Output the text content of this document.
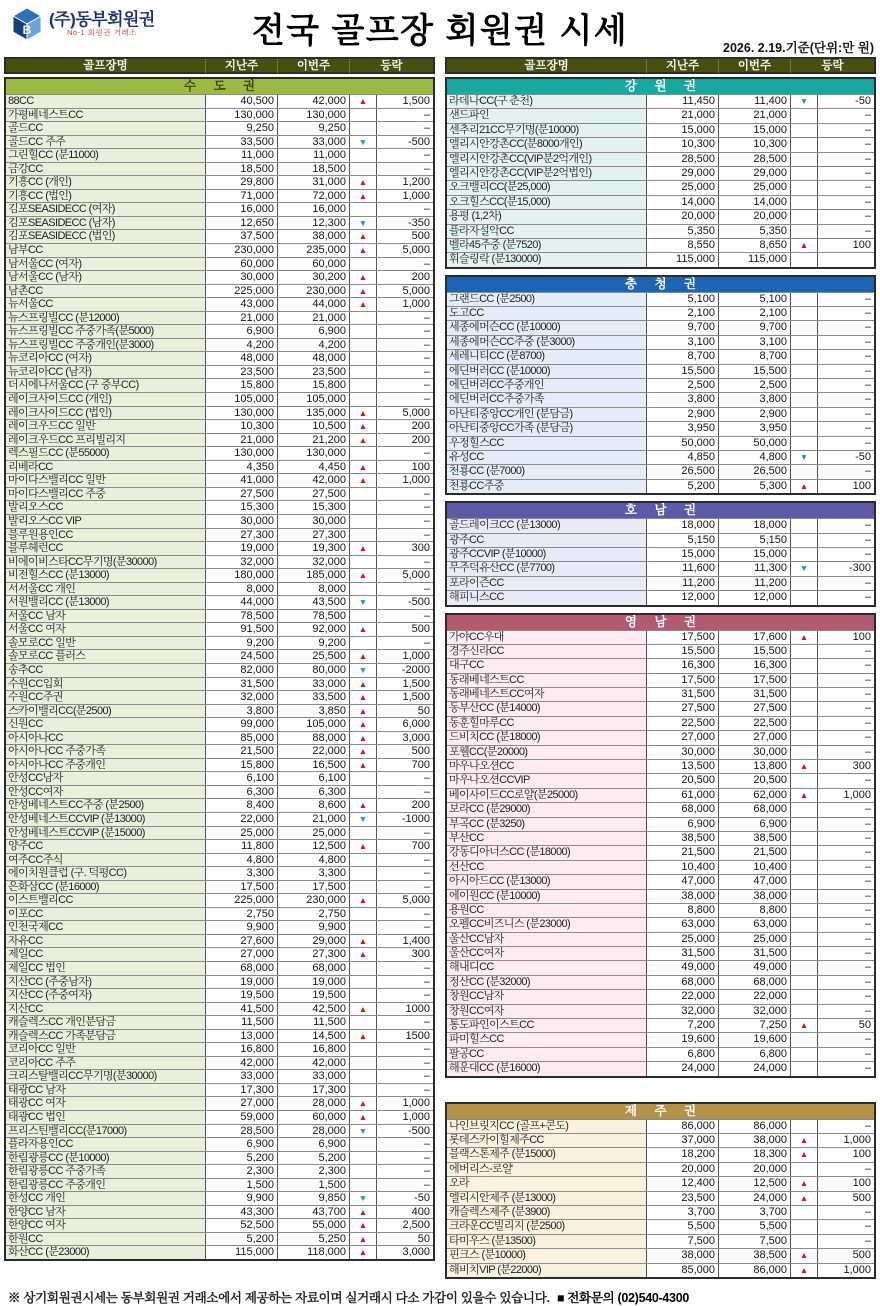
B
(주)동부회원권
No-1 회원권 거래소	전국 골프장 회원권 시세	2026. 2.19.기준(단위:만 원)
골프장명	지난주	이번주	등락
수 도 권
88CC	40,500	42,000	▲	1,500
가평베네스트CC	130,000	130,000	–
골드CC	9,250	9,250	–
골드CC 주주	33,500	33,000	▼	-500
그린힐CC (분11000)	11,000	11,000	–
금강CC	18,500	18,500	–
기흥CC (개인)	29,800	31,000	▲	1,200
기흥CC (법인)	71,000	72,000	▲	1,000
김포SEASIDECC (여자)	16,000	16,000	–
김포SEASIDECC (남자)	12,650	12,300	▼	-350
김포SEASIDECC (법인)	37,500	38,000	▲	500
남부CC	230,000	235,000	▲	5,000
남서울CC (여자)	60,000	60,000	–
남서울CC (남자)	30,000	30,200	▲	200
남촌CC	225,000	230,000	▲	5,000
뉴서울CC	43,000	44,000	▲	1,000
뉴스프링빌CC (분12000)	21,000	21,000	–
뉴스프링빌CC 주중가족(분5000)	6,900	6,900	–
뉴스프링빌CC 주중개인(분3000)	4,200	4,200	–
뉴코리아CC (여자)	48,000	48,000	–
뉴코리아CC (남자)	23,500	23,500	–
더시에나서울CC (구 중부CC)	15,800	15,800	–
레이크사이드CC (개인)	105,000	105,000	–
레이크사이드CC (법인)	130,000	135,000	▲	5,000
레이크우드CC 일반	10,300	10,500	▲	200
레이크우드CC 프리빌리지	21,000	21,200	▲	200
렉스필드CC (분55000)	130,000	130,000	–
리베라CC	4,350	4,450	▲	100
마이다스밸리CC 일반	41,000	42,000	▲	1,000
마이다스밸리CC 주중	27,500	27,500	–
발리오스CC	15,300	15,300	–
발리오스CC VIP	30,000	30,000	–
블루원용인CC	27,300	27,300	–
블루헤런CC	19,000	19,300	▲	300
비에이비스타CC무기명(분30000)	32,000	32,000	–
비전힐스CC (분13000)	180,000	185,000	▲	5,000
서서울CC 개인	8,000	8,000	–
서원밸리CC (분13000)	44,000	43,500	▼	-500
서울CC 남자	78,500	78,500	–
서울CC 여자	91,500	92,000	▲	500
솔모로CC 일반	9,200	9,200	–
솔모로CC 플러스	24,500	25,500	▲	1,000
송추CC	82,000	80,000	▼	-2000
수원CC입회	31,500	33,000	▲	1,500
수원CC주권	32,000	33,500	▲	1,500
스카이밸리CC(분2500)	3,800	3,850	▲	50
신원CC	99,000	105,000	▲	6,000
아시아나CC	85,000	88,000	▲	3,000
아시아나CC 주중가족	21,500	22,000	▲	500
아시아나CC 주중개인	15,800	16,500	▲	700
안성CC남자	6,100	6,100	–
안성CC여자	6,300	6,300	–
안성베네스트CC주중 (분2500)	8,400	8,600	▲	200
안성베네스트CCVIP (분13000)	22,000	21,000	▼	-1000
안성베네스트CCVIP (분15000)	25,000	25,000	–
양주CC	11,800	12,500	▲	700
여주CC주식	4,800	4,800	–
에이치원클럽 (구. 덕평CC)	3,300	3,300	–
은화삼CC (분16000)	17,500	17,500	–
이스트밸리CC	225,000	230,000	▲	5,000
이포CC	2,750	2,750	–
인천국제CC	9,900	9,900	–
자유CC	27,600	29,000	▲	1,400
제일CC	27,000	27,300	▲	300
제일CC 법인	68,000	68,000	–
지산CC (주중남자)	19,000	19,000	–
지산CC (주중여자)	19,500	19,500	–
지산CC	41,500	42,500	▲	1000
캐슬렉스CC 개인분담금	11,500	11,500	–
캐슬렉스CC 가족분담금	13,000	14,500	▲	1500
코리아CC 일반	16,800	16,800	–
코리아CC 주주	42,000	42,000	–
크리스탈밸리CC무기명(분30000)	33,000	33,000	–
태광CC 남자	17,300	17,300	–
태광CC 여자	27,000	28,000	▲	1,000
태광CC 법인	59,000	60,000	▲	1,000
프리스틴밸리CC(분17000)	28,500	28,000	▼	-500
플라자용인CC	6,900	6,900	–
한림광릉CC (분10000)	5,200	5,200	–
한림광릉CC 주중가족	2,300	2,300	–
한림광릉CC 주중개인	1,500	1,500	–
한성CC 개인	9,900	9,850	▼	-50
한양CC 남자	43,300	43,700	▲	400
한양CC 여자	52,500	55,000	▲	2,500
한원CC	5,200	5,250	▲	50
화산CC (분23000)	115,000	118,000	▲	3,000
골프장명	지난주	이번주	등락
강 원 권
라데나CC(구 춘천)	11,450	11,400	▼	-50
샌드파인	21,000	21,000	–
센추리21CC무기명(분10000)	15,000	15,000	–
엘리시안강촌CC(분8000개인)	10,300	10,300	–
엘리시안강촌CC(VIP분2억개인)	28,500	28,500	–
엘리시안강촌CC(VIP분2억법인)	29,000	29,000	–
오크밸리CC(분25,000)	25,000	25,000	–
오크힐스CC(분15,000)	14,000	14,000	–
용평 (1,2차)	20,000	20,000	–
플라자설악CC	5,350	5,350	–
벨라45주중 (분7520)	8,550	8,650	▲	100
휘슬링락 (분130000)	115,000	115,000
충 청 권
그랜드CC (분2500)	5,100	5,100	–
도고CC	2,100	2,100	–
세종에머슨CC (분10000)	9,700	9,700	–
세종에머슨CC주중 (분3000)	3,100	3,100	–
세레니티CC (분8700)	8,700	8,700	–
에딘버러CC (분10000)	15,500	15,500	–
에딘버러CC주중개인	2,500	2,500	–
에딘버러CC주중가족	3,800	3,800	–
아난티중앙CC개인 (분담금)	2,900	2,900	–
아난티중앙CC가족 (분담금)	3,950	3,950	–
우정힐스CC	50,000	50,000	–
유성CC	4,850	4,800	▼	-50
천룡CC (분7000)	26,500	26,500	–
천룡CC주중	5,200	5,300	▲	100
호 남 권
골드레이크CC (분13000)	18,000	18,000	–
광주CC	5,150	5,150	–
광주CCVIP (분10000)	15,000	15,000	–
무주덕유산CC (분7700)	11,600	11,300	▼	-300
포라이즌CC	11,200	11,200	–
해피니스CC	12,000	12,000	–
영 남 권
가야CC우대	17,500	17,600	▲	100
경주신라CC	15,500	15,500	–
대구CC	16,300	16,300	–
동래베네스트CC	17,500	17,500	–
동래베네스트CC여자	31,500	31,500	–
동부산CC (분14000)	27,500	27,500	–
동훈힐마루CC	22,500	22,500	–
드비치CC (분18000)	27,000	27,000	–
포웰CC(분20000)	30,000	30,000	–
마우나오션CC	13,500	13,800	▲	300
마우나오션CCVIP	20,500	20,500	–
베이사이드CC로얄(분25000)	61,000	62,000	▲	1,000
보라CC (분29000)	68,000	68,000	–
부곡CC (분3250)	6,900	6,900	–
부산CC	38,500	38,500	–
강동디아너스CC (분18000)	21,500	21,500	–
선산CC	10,400	10,400	–
아시아드CC (분13000)	47,000	47,000	–
에이원CC (분10000)	38,000	38,000	–
용원CC	8,800	8,800	–
오펠CC비즈니스 (분23000)	63,000	63,000	–
울산CC남자	25,000	25,000	–
울산CC여자	31,500	31,500	–
해내디CC	49,000	49,000	–
정산CC (분32000)	68,000	68,000	–
창원CC남자	22,000	22,000	–
창원CC여자	32,000	32,000	–
통도파인이스트CC	7,200	7,250	▲	50
파미힐스CC	19,600	19,600	–
팔공CC	6,800	6,800	–
해운대CC (분16000)	24,000	24,000	–
제 주 권
나인브릿지CC (골프+콘도)	86,000	86,000	–
롯데스카이힐제주CC	37,000	38,000	▲	1,000
블랙스톤제주 (분15000)	18,200	18,300	▲	100
에버리스-로얄	20,000	20,000	–
오라	12,400	12,500	▲	100
엘리시안제주 (분13000)	23,500	24,000	▲	500
캐슬렉스제주 (분3900)	3,700	3,700	–
크라운CC빌리지 (분2500)	5,500	5,500	–
타미우스 (분13500)	7,500	7,500	–
핀크스 (분10000)	38,000	38,500	▲	500
해비치VIP (분22000)	85,000	86,000	▲	1,000
※ 상기회원권시세는 동부회원권 거래소에서 제공하는 자료이며 실거래시 다소 가감이 있을수 있습니다. ■ 전화문의 (02)540-4300
